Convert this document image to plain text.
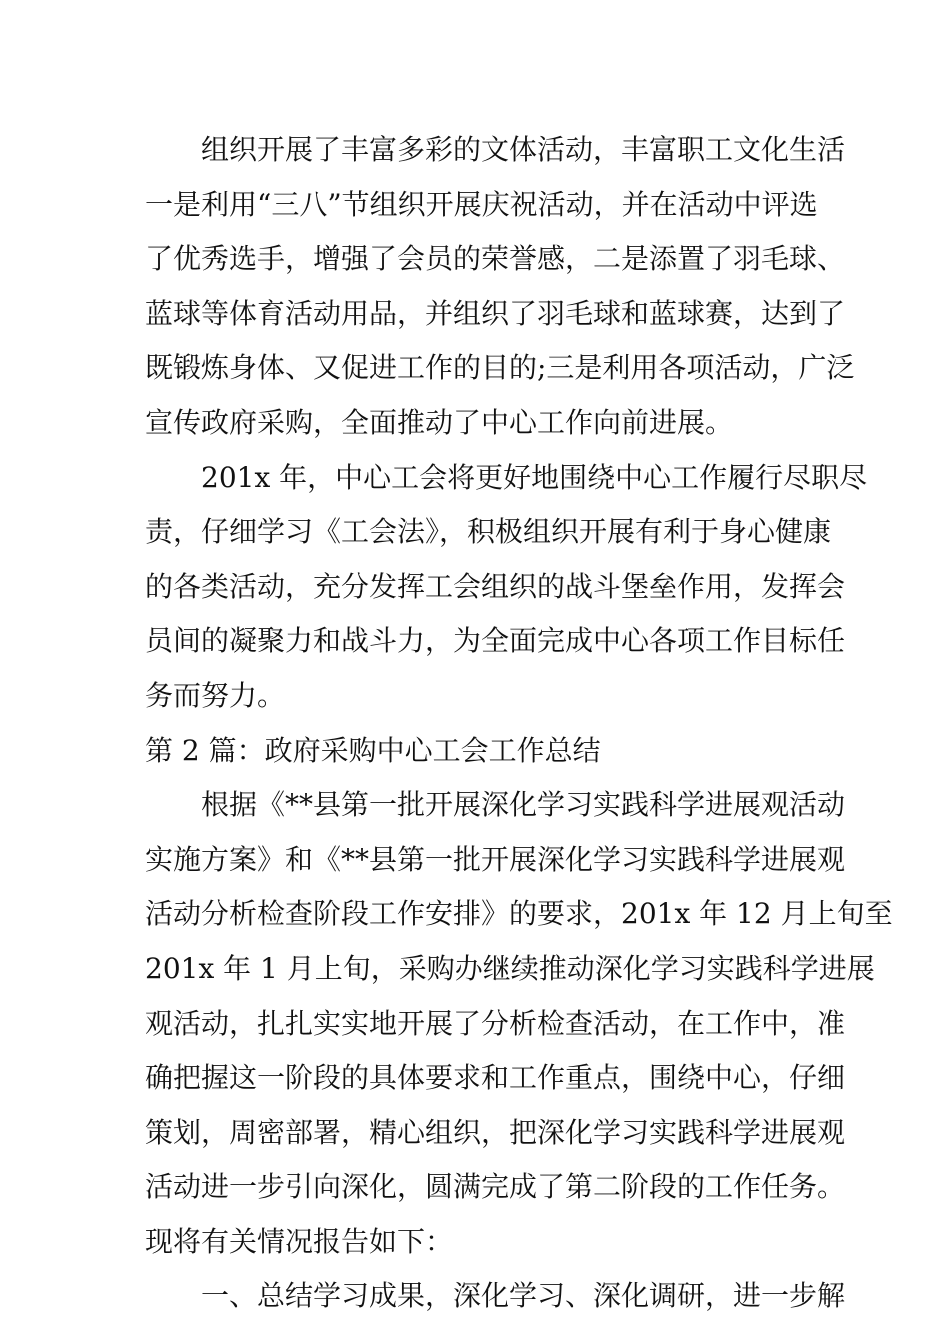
组织开展了丰富多彩的文体活动，丰富职工文化生活
一是利用“三八”节组织开展庆祝活动，并在活动中评选
了优秀选手，增强了会员的荣誉感，二是添置了羽毛球、
蓝球等体育活动用品，并组织了羽毛球和蓝球赛，达到了
既锻炼身体、又促进工作的目的;三是利用各项活动，广泛
宣传政府采购，全面推动了中心工作向前进展。
201x 年，中心工会将更好地围绕中心工作履行尽职尽
责，仔细学习《工会法》，积极组织开展有利于身心健康
的各类活动，充分发挥工会组织的战斗堡垒作用，发挥会
员间的凝聚力和战斗力，为全面完成中心各项工作目标任
务而努力。
第 2 篇：政府采购中心工会工作总结
根据《**县第一批开展深化学习实践科学进展观活动
实施方案》和《**县第一批开展深化学习实践科学进展观
活动分析检查阶段工作安排》的要求，201x 年 12 月上旬至
201x 年 1 月上旬，采购办继续推动深化学习实践科学进展
观活动，扎扎实实地开展了分析检查活动，在工作中，准
确把握这一阶段的具体要求和工作重点，围绕中心，仔细
策划，周密部署，精心组织，把深化学习实践科学进展观
活动进一步引向深化，圆满完成了第二阶段的工作任务。
现将有关情况报告如下：
一、总结学习成果，深化学习、深化调研，进一步解
